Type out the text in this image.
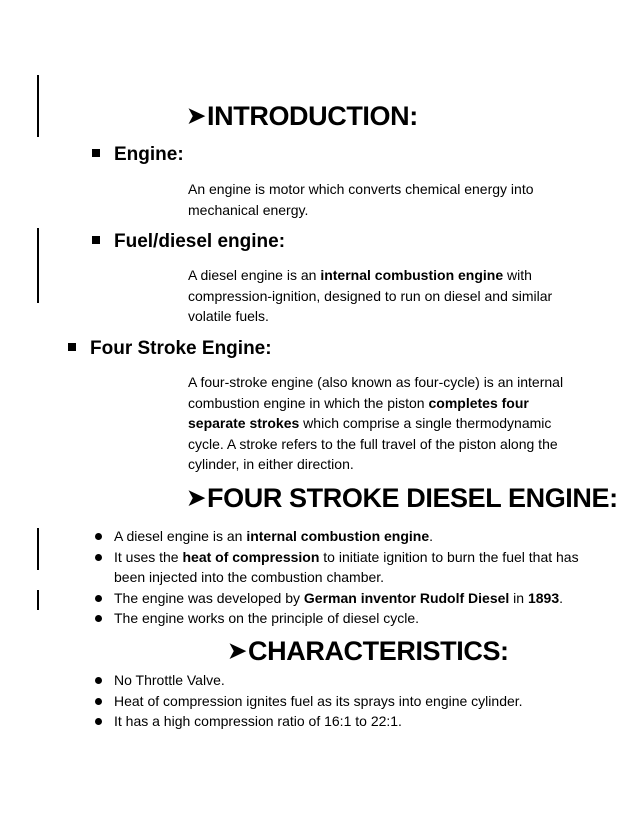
➤INTRODUCTION:
Engine:
An engine is motor which converts chemical energy into
mechanical energy.
Fuel/diesel engine:
A diesel engine is an internal combustion engine with
compression-ignition, designed to run on diesel and similar
volatile fuels.
Four Stroke Engine:
A four-stroke engine (also known as four-cycle) is an internal
combustion engine in which the piston completes four
separate strokes which comprise a single thermodynamic
cycle. A stroke refers to the full travel of the piston along the
cylinder, in either direction.
➤FOUR STROKE DIESEL ENGINE:
A diesel engine is an internal combustion engine.
It uses the heat of compression to initiate ignition to burn the fuel that has
been injected into the combustion chamber.
The engine was developed by German inventor Rudolf Diesel in 1893.
The engine works on the principle of diesel cycle.
➤CHARACTERISTICS:
No Throttle Valve.
Heat of compression ignites fuel as its sprays into engine cylinder.
It has a high compression ratio of 16:1 to 22:1.
